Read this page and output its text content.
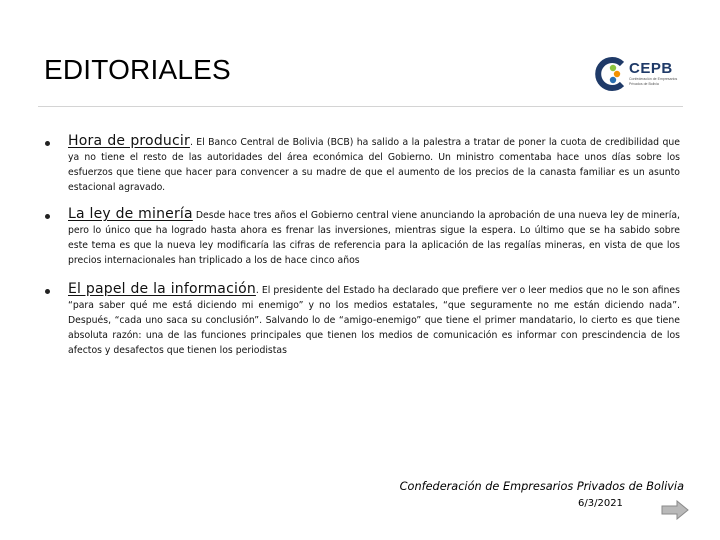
EDITORIALES	CEPB
Confederación de Empresarios
Privados de Bolivia

Hora de producir. El Banco Central de Bolivia (BCB) ha salido a la palestra a tratar de poner la cuota de credibilidad que ya no tiene el resto de las autoridades del área económica del Gobierno. Un ministro comentaba hace unos días sobre los esfuerzos que tiene que hacer para convencer a su madre de que el aumento de los precios de la canasta familiar es un asunto estacional agravado.

La ley de minería Desde hace tres años el Gobierno central viene anunciando la aprobación de una nueva ley de minería, pero lo único que ha logrado hasta ahora es frenar las inversiones, mientras sigue la espera. Lo último que se ha sabido sobre este tema es que la nueva ley modificaría las cifras de referencia para la aplicación de las regalías mineras, en vista de que los precios internacionales han triplicado a los de hace cinco años

El papel de la información. El presidente del Estado ha declarado que prefiere ver o leer medios que no le son afines “para saber qué me está diciendo mi enemigo” y no los medios estatales, “que seguramente no me están diciendo nada”. Después, “cada uno saca su conclusión”. Salvando lo de “amigo-enemigo” que tiene el primer mandatario, lo cierto es que tiene absoluta razón: una de las funciones principales que tienen los medios de comunicación es informar con prescindencia de los afectos y desafectos que tienen los periodistas

Confederación de Empresarios Privados de Bolivia
6/3/2021
